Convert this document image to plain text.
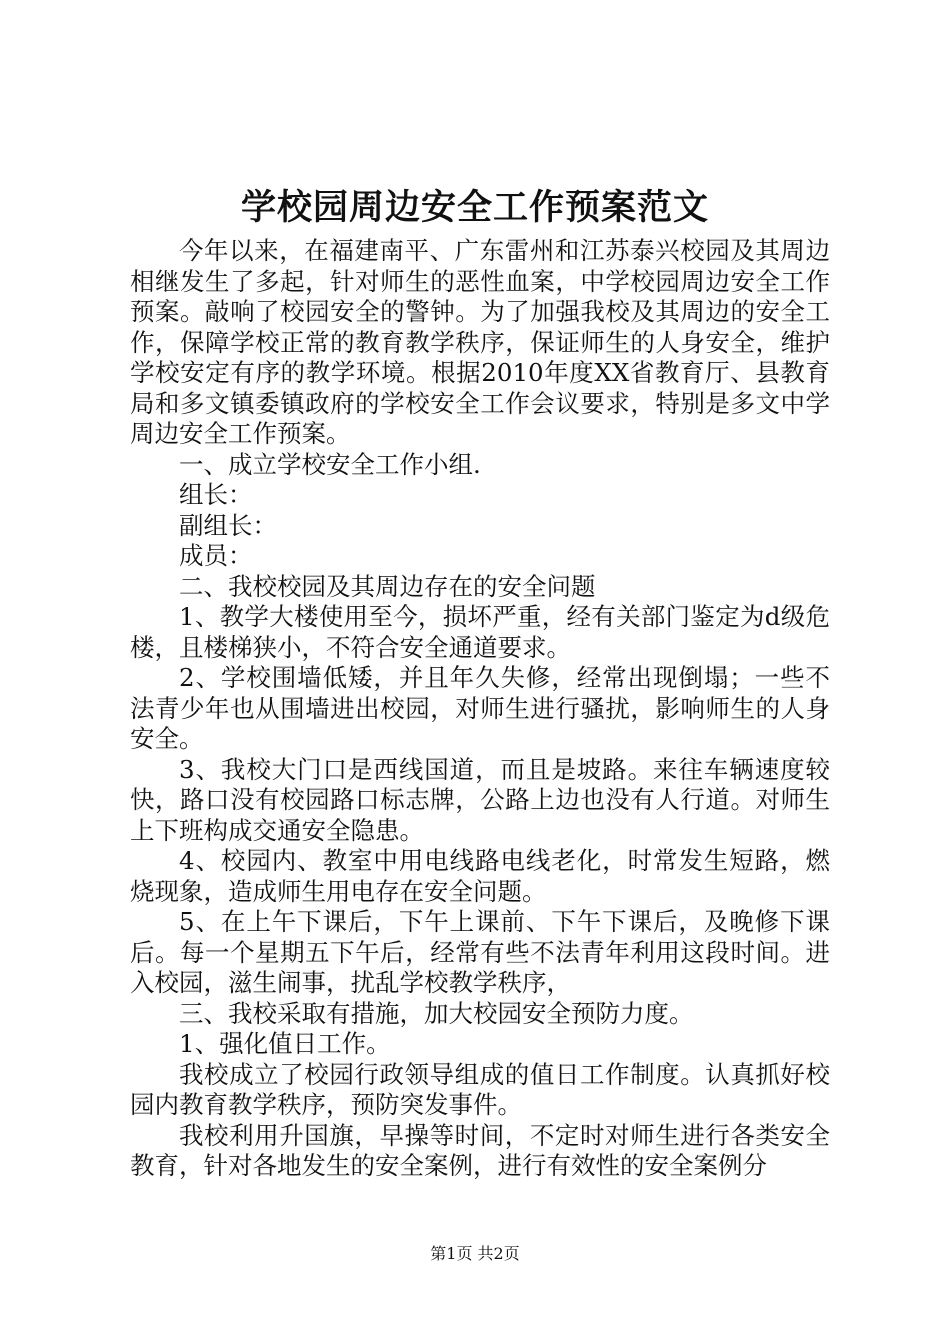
学校园周边安全工作预案范文

今年以来，在福建南平、广东雷州和江苏泰兴校园及其周边相继发生了多起，针对师生的恶性血案，中学校园周边安全工作预案。敲响了校园安全的警钟。为了加强我校及其周边的安全工作，保障学校正常的教育教学秩序，保证师生的人身安全，维护学校安定有序的教学环境。根据2010年度XX省教育厅、县教育局和多文镇委镇政府的学校安全工作会议要求，特别是多文中学周边安全工作预案。

一、成立学校安全工作小组.

组长：

副组长：

成员：

二、我校校园及其周边存在的安全问题

1、教学大楼使用至今，损坏严重，经有关部门鉴定为d级危楼，且楼梯狭小，不符合安全通道要求。

2、学校围墙低矮，并且年久失修，经常出现倒塌；一些不法青少年也从围墙进出校园，对师生进行骚扰，影响师生的人身安全。

3、我校大门口是西线国道，而且是坡路。来往车辆速度较快，路口没有校园路口标志牌，公路上边也没有人行道。对师生上下班构成交通安全隐患。

4、校园内、教室中用电线路电线老化，时常发生短路，燃烧现象，造成师生用电存在安全问题。

5、在上午下课后，下午上课前、下午下课后，及晚修下课后。每一个星期五下午后，经常有些不法青年利用这段时间。进入校园，滋生闹事，扰乱学校教学秩序，

三、我校采取有措施，加大校园安全预防力度。

1、强化值日工作。

我校成立了校园行政领导组成的值日工作制度。认真抓好校园内教育教学秩序，预防突发事件。

我校利用升国旗，早操等时间，不定时对师生进行各类安全教育，针对各地发生的安全案例，进行有效性的安全案例分

第1页 共2页
